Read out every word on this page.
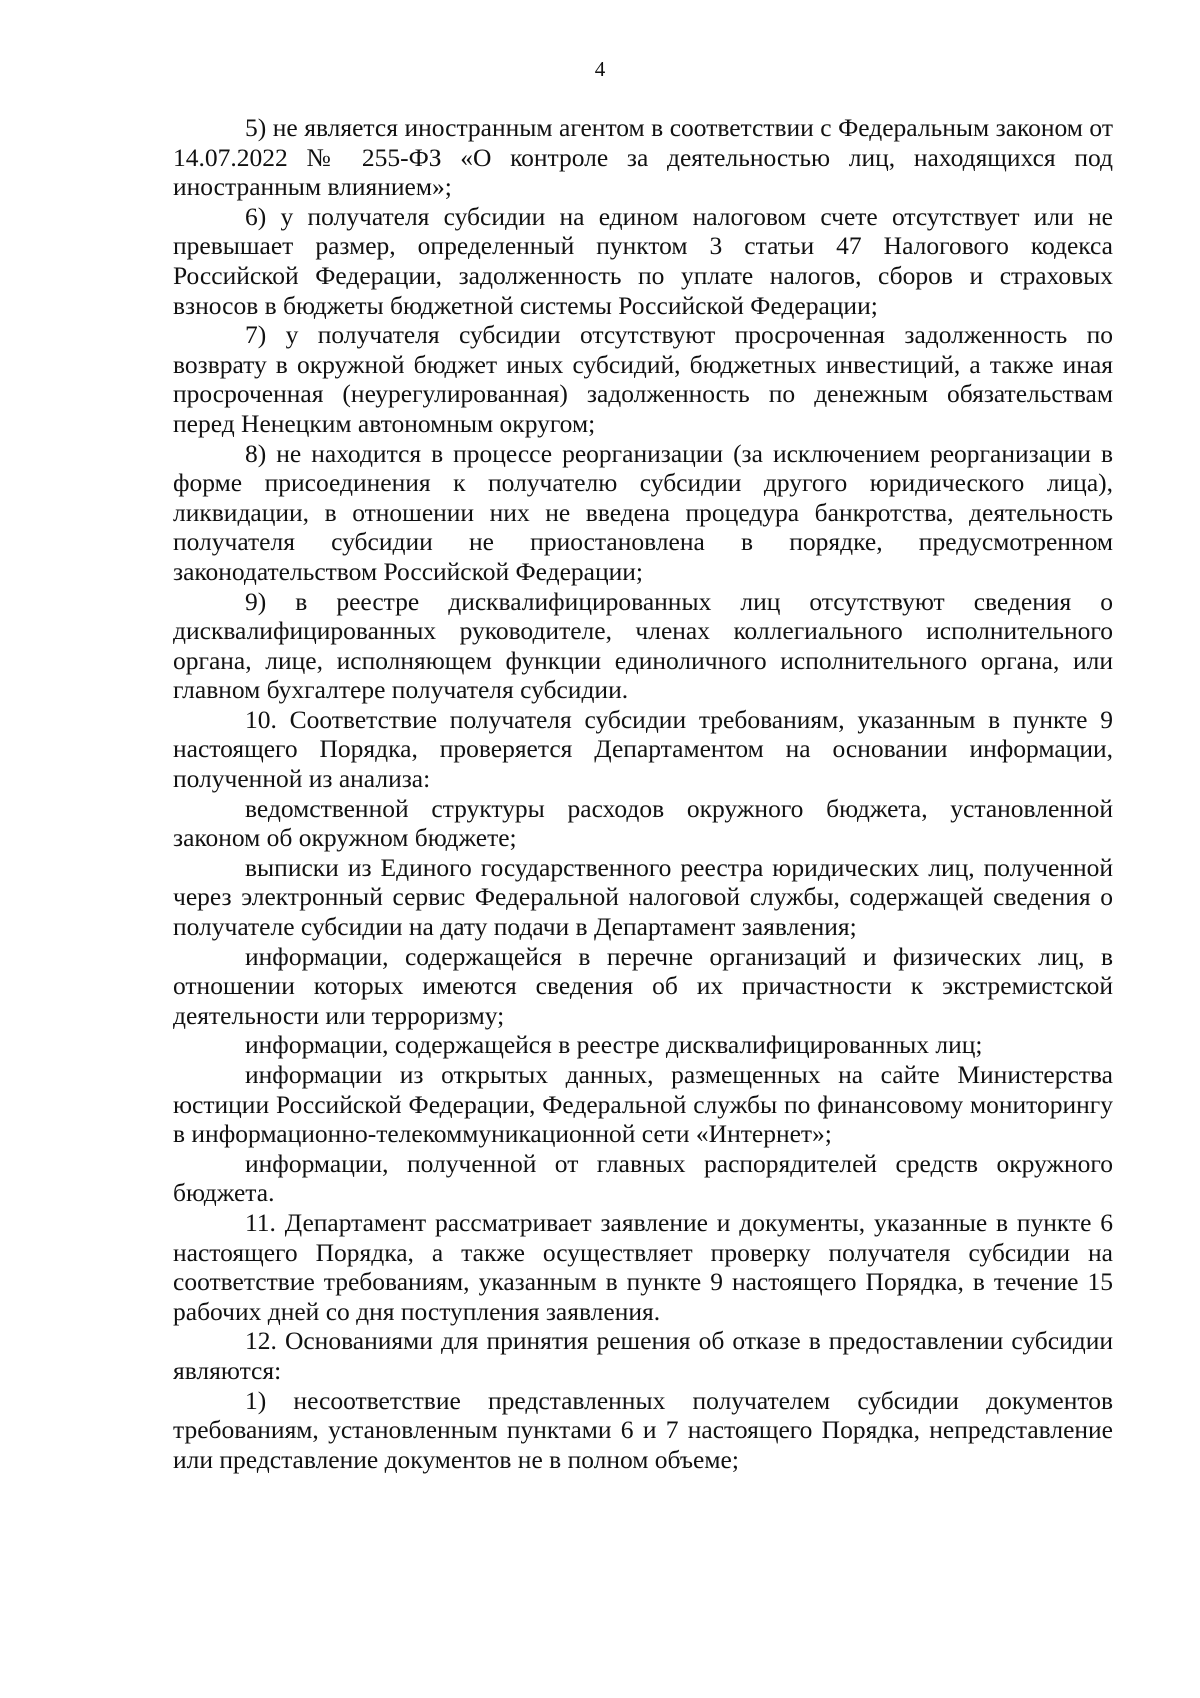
4

5) не является иностранным агентом в соответствии с Федеральным законом от 14.07.2022 № 255-ФЗ «О контроле за деятельностью лиц, находящихся под иностранным влиянием»;

6) у получателя субсидии на едином налоговом счете отсутствует или не превышает размер, определенный пунктом 3 статьи 47 Налогового кодекса Российской Федерации, задолженность по уплате налогов, сборов и страховых взносов в бюджеты бюджетной системы Российской Федерации;

7) у получателя субсидии отсутствуют просроченная задолженность по возврату в окружной бюджет иных субсидий, бюджетных инвестиций, а также иная просроченная (неурегулированная) задолженность по денежным обязательствам перед Ненецким автономным округом;

8) не находится в процессе реорганизации (за исключением реорганизации в форме присоединения к получателю субсидии другого юридического лица), ликвидации, в отношении них не введена процедура банкротства, деятельность получателя субсидии не приостановлена в порядке, предусмотренном законодательством Российской Федерации;

9) в реестре дисквалифицированных лиц отсутствуют сведения о дисквалифицированных руководителе, членах коллегиального исполнительного органа, лице, исполняющем функции единоличного исполнительного органа, или главном бухгалтере получателя субсидии.

10. Соответствие получателя субсидии требованиям, указанным в пункте 9 настоящего Порядка, проверяется Департаментом на основании информации, полученной из анализа:

ведомственной структуры расходов окружного бюджета, установленной законом об окружном бюджете;

выписки из Единого государственного реестра юридических лиц, полученной через электронный сервис Федеральной налоговой службы, содержащей сведения о получателе субсидии на дату подачи в Департамент заявления;

информации, содержащейся в перечне организаций и физических лиц, в отношении которых имеются сведения об их причастности к экстремистской деятельности или терроризму;

информации, содержащейся в реестре дисквалифицированных лиц;

информации из открытых данных, размещенных на сайте Министерства юстиции Российской Федерации, Федеральной службы по финансовому мониторингу в информационно-телекоммуникационной сети «Интернет»;

информации, полученной от главных распорядителей средств окружного бюджета.

11. Департамент рассматривает заявление и документы, указанные в пункте 6 настоящего Порядка, а также осуществляет проверку получателя субсидии на соответствие требованиям, указанным в пункте 9 настоящего Порядка, в течение 15 рабочих дней со дня поступления заявления.

12. Основаниями для принятия решения об отказе в предоставлении субсидии являются:

1) несоответствие представленных получателем субсидии документов требованиям, установленным пунктами 6 и 7 настоящего Порядка, непредставление или представление документов не в полном объеме;
